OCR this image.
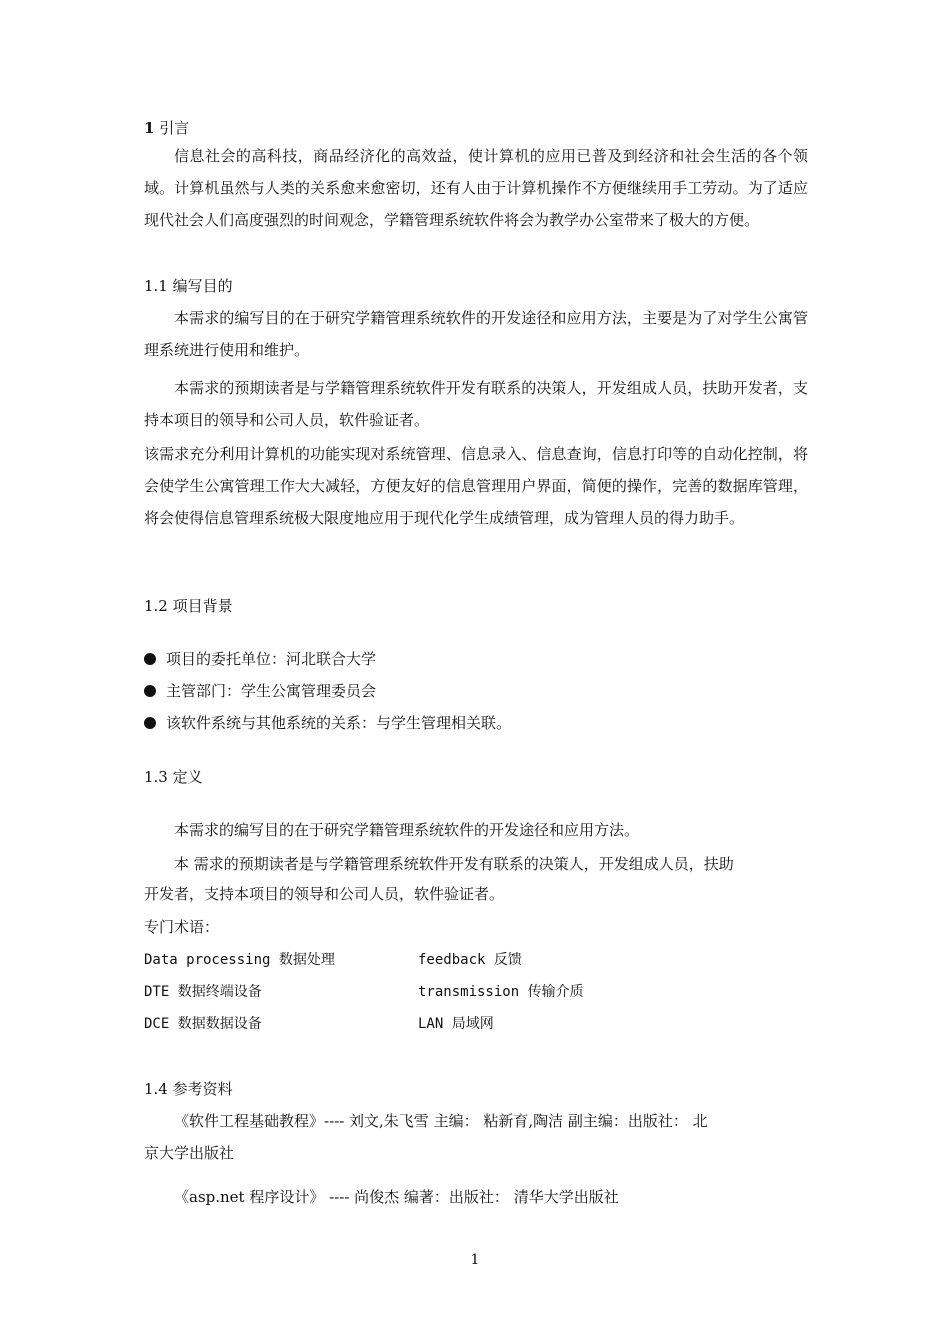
1 引言

信息社会的高科技，商品经济化的高效益，使计算机的应用已普及到经济和社会生活的各个领域。计算机虽然与人类的关系愈来愈密切，还有人由于计算机操作不方便继续用手工劳动。为了适应现代社会人们高度强烈的时间观念，学籍管理系统软件将会为教学办公室带来了极大的方便。

1.1 编写目的

本需求的编写目的在于研究学籍管理系统软件的开发途径和应用方法，主要是为了对学生公寓管理系统进行使用和维护。

本需求的预期读者是与学籍管理系统软件开发有联系的决策人，开发组成人员，扶助开发者，支持本项目的领导和公司人员，软件验证者。

该需求充分利用计算机的功能实现对系统管理、信息录入、信息查询，信息打印等的自动化控制，将会使学生公寓管理工作大大减轻，方便友好的信息管理用户界面，简便的操作，完善的数据库管理，将会使得信息管理系统极大限度地应用于现代化学生成绩管理，成为管理人员的得力助手。

1.2 项目背景
项目的委托单位：河北联合大学
主管部门：学生公寓管理委员会
该软件系统与其他系统的关系：与学生管理相关联。
1.3 定义
本需求的编写目的在于研究学籍管理系统软件的开发途径和应用方法。
本 需求的预期读者是与学籍管理系统软件开发有联系的决策人，开发组成人员，扶助
开发者，支持本项目的领导和公司人员，软件验证者。
专门术语：
Data processing 数据处理	feedback 反馈
DTE 数据终端设备	transmission 传输介质
DCE 数据数据设备	LAN 局域网
1.4 参考资料
《软件工程基础教程》---- 刘文,朱飞雪 主编： 粘新育,陶洁 副主编：出版社： 北
京大学出版社
《asp.net 程序设计》 ---- 尚俊杰 编著：出版社： 清华大学出版社
1
